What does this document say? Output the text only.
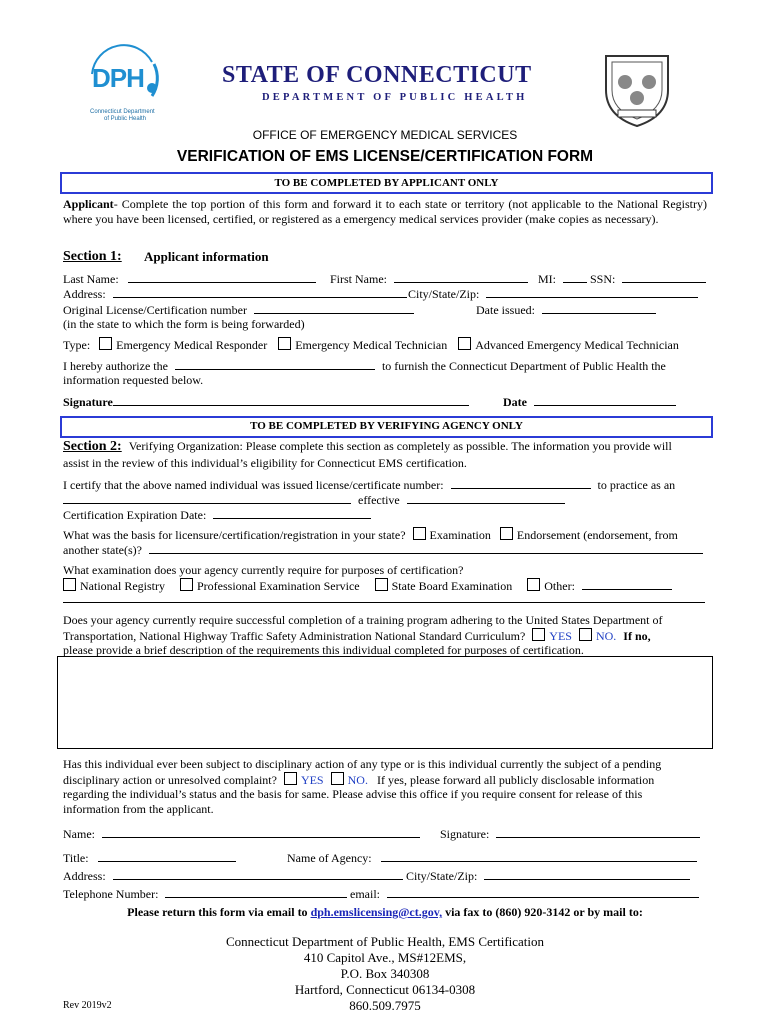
DPH
Connecticut Department
of Public Health
STATE OF CONNECTICUT
DEPARTMENT OF PUBLIC HEALTH
OFFICE OF EMERGENCY MEDICAL SERVICES
VERIFICATION OF EMS LICENSE/CERTIFICATION FORM
TO BE COMPLETED BY APPLICANT ONLY
Applicant- Complete the top portion of this form and forward it to each state or territory (not applicable to the National Registry) where you have been licensed, certified, or registered as a emergency medical services provider (make copies as necessary).
Section 1: Applicant information
Last Name:	First Name:	MI:	SSN:
Address:	City/State/Zip:
Original License/Certification number	Date issued:
(in the state to which the form is being forwarded)
Type: Emergency Medical Responder Emergency Medical Technician Advanced Emergency Medical Technician
I hereby authorize the	to furnish the Connecticut Department of Public Health the
information requested below.
Signature	Date
TO BE COMPLETED BY VERIFYING AGENCY ONLY
Section 2: Verifying Organization: Please complete this section as completely as possible. The information you provide will
assist in the review of this individual’s eligibility for Connecticut EMS certification.
I certify that the above named individual was issued license/certificate number:	to practice as an
effective
Certification Expiration Date:
What was the basis for licensure/certification/registration in your state? Examination Endorsement (endorsement, from
another state(s)?
What examination does your agency currently require for purposes of certification?
National Registry	Professional Examination Service	State Board Examination	Other:
Does your agency currently require successful completion of a training program adhering to the United States Department of
Transportation, National Highway Traffic Safety Administration National Standard Curriculum? YES NO. If no,
please provide a brief description of the requirements this individual completed for purposes of certification.
Has this individual ever been subject to disciplinary action of any type or is this individual currently the subject of a pending
disciplinary action or unresolved complaint? YES NO. If yes, please forward all publicly disclosable information
regarding the individual’s status and the basis for same. Please advise this office if you require consent for release of this
information from the applicant.
Name:	Signature:
Title:	Name of Agency:
Address:	City/State/Zip:
Telephone Number:	email:
Please return this form via email to dph.emslicensing@ct.gov, via fax to (860) 920-3142 or by mail to:
Connecticut Department of Public Health, EMS Certification
410 Capitol Ave., MS#12EMS,
P.O. Box 340308
Hartford, Connecticut 06134-0308
860.509.7975
Rev 2019v2
